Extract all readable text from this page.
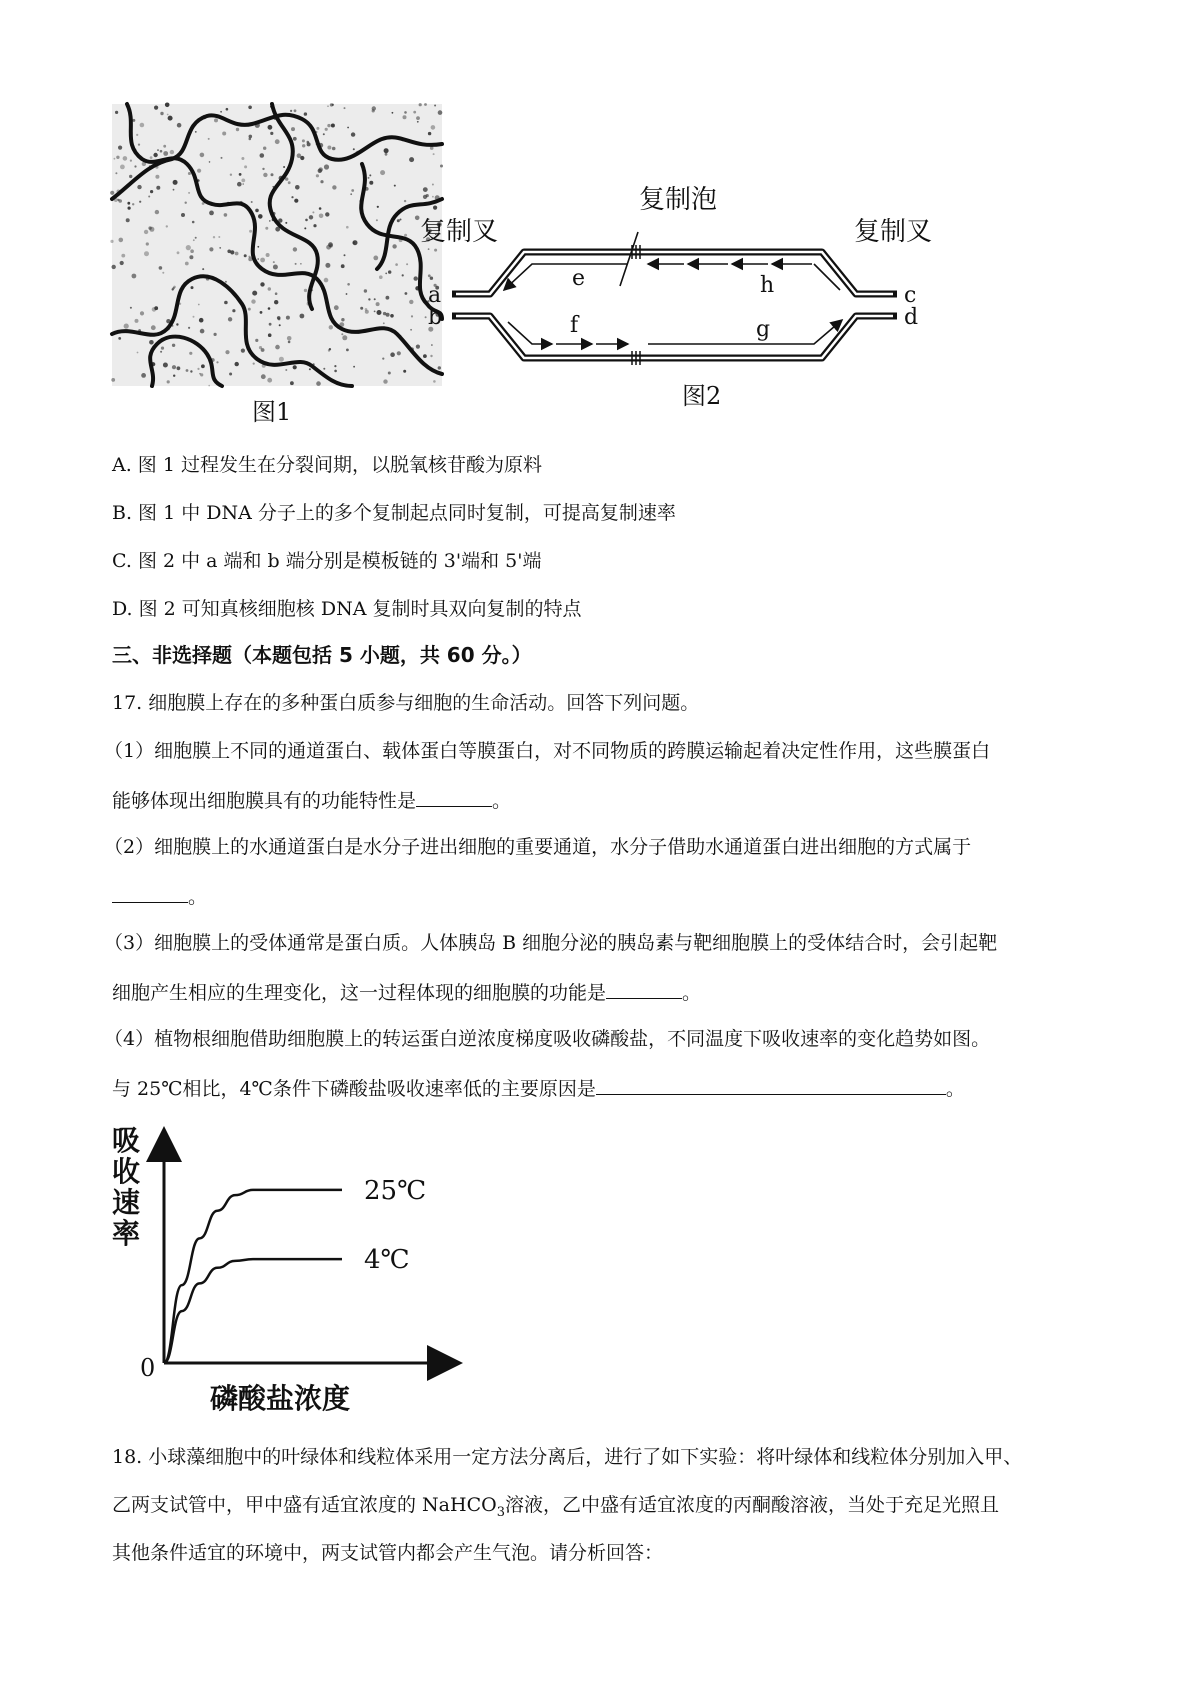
图1
复制泡
复制叉	复制叉
a
b
c
d
e	h
f	g
图2
A. 图 1 过程发生在分裂间期，以脱氧核苷酸为原料
B. 图 1 中 DNA 分子上的多个复制起点同时复制，可提高复制速率
C. 图 2 中 a 端和 b 端分别是模板链的 3'端和 5'端
D. 图 2 可知真核细胞核 DNA 复制时具双向复制的特点
三、非选择题（本题包括 5 小题，共 60 分。）
17. 细胞膜上存在的多种蛋白质参与细胞的生命活动。回答下列问题。
（1）细胞膜上不同的通道蛋白、载体蛋白等膜蛋白，对不同物质的跨膜运输起着决定性作用，这些膜蛋白
能够体现出细胞膜具有的功能特性是	。
（2）细胞膜上的水通道蛋白是水分子进出细胞的重要通道，水分子借助水通道蛋白进出细胞的方式属于
。
（3）细胞膜上的受体通常是蛋白质。人体胰岛 B 细胞分泌的胰岛素与靶细胞膜上的受体结合时，会引起靶
细胞产生相应的生理变化，这一过程体现的细胞膜的功能是	。
（4）植物根细胞借助细胞膜上的转运蛋白逆浓度梯度吸收磷酸盐，不同温度下吸收速率的变化趋势如图。
与 25℃相比，4℃条件下磷酸盐吸收速率低的主要原因是	。
吸
收
速
率
0
磷酸盐浓度
25℃
4℃
18. 小球藻细胞中的叶绿体和线粒体采用一定方法分离后，进行了如下实验：将叶绿体和线粒体分别加入甲、
乙两支试管中，甲中盛有适宜浓度的 NaHCO$_3$溶液，乙中盛有适宜浓度的丙酮酸溶液，当处于充足光照且
其他条件适宜的环境中，两支试管内都会产生气泡。请分析回答：
